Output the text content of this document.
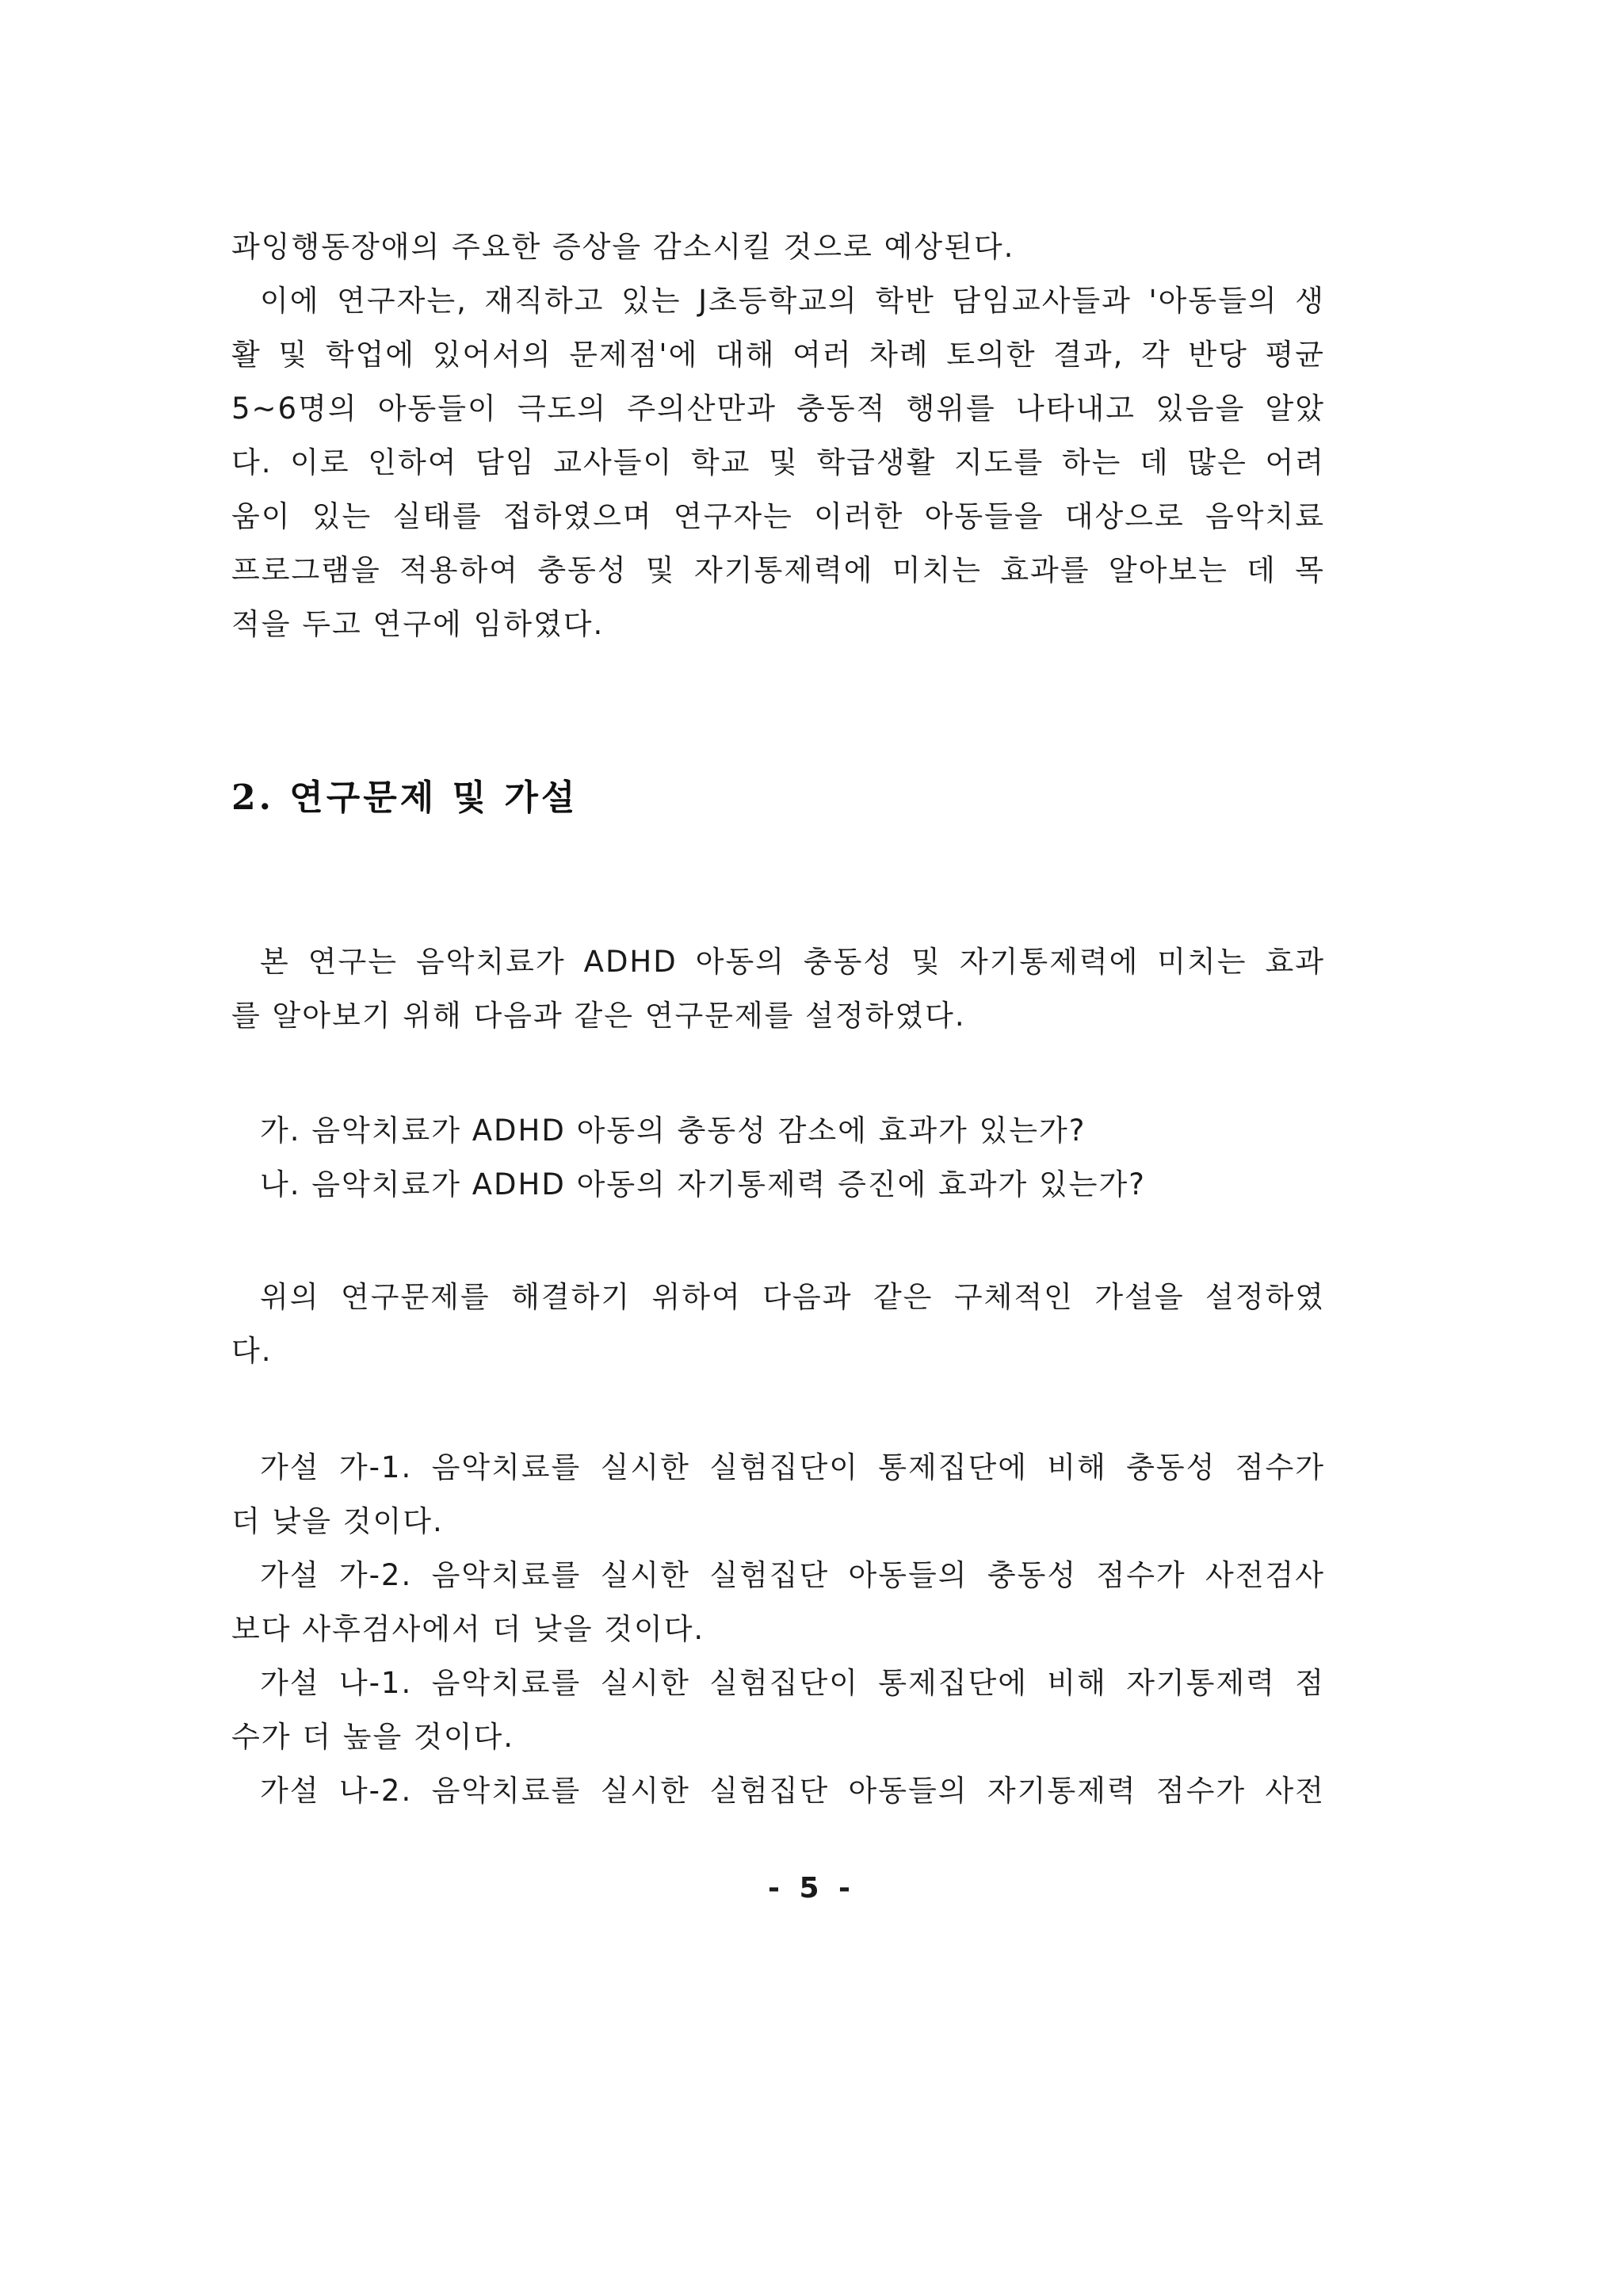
과잉행동장애의 주요한 증상을 감소시킬 것으로 예상된다.
이에 연구자는, 재직하고 있는 J초등학교의 학반 담임교사들과 '아동들의 생
활 및 학업에 있어서의 문제점'에 대해 여러 차례 토의한 결과, 각 반당 평균
5~6명의 아동들이 극도의 주의산만과 충동적 행위를 나타내고 있음을 알았
다. 이로 인하여 담임 교사들이 학교 및 학급생활 지도를 하는 데 많은 어려
움이 있는 실태를 접하였으며 연구자는 이러한 아동들을 대상으로 음악치료
프로그램을 적용하여 충동성 및 자기통제력에 미치는 효과를 알아보는 데 목
적을 두고 연구에 임하였다.
2. 연구문제 및 가설
본 연구는 음악치료가 ADHD 아동의 충동성 및 자기통제력에 미치는 효과
를 알아보기 위해 다음과 같은 연구문제를 설정하였다.
가. 음악치료가 ADHD 아동의 충동성 감소에 효과가 있는가?
나. 음악치료가 ADHD 아동의 자기통제력 증진에 효과가 있는가?
위의 연구문제를 해결하기 위하여 다음과 같은 구체적인 가설을 설정하였
다.
가설 가-1. 음악치료를 실시한 실험집단이 통제집단에 비해 충동성 점수가
더 낮을 것이다.
가설 가-2. 음악치료를 실시한 실험집단 아동들의 충동성 점수가 사전검사
보다 사후검사에서 더 낮을 것이다.
가설 나-1. 음악치료를 실시한 실험집단이 통제집단에 비해 자기통제력 점
수가 더 높을 것이다.
가설 나-2. 음악치료를 실시한 실험집단 아동들의 자기통제력 점수가 사전
- 5 -
